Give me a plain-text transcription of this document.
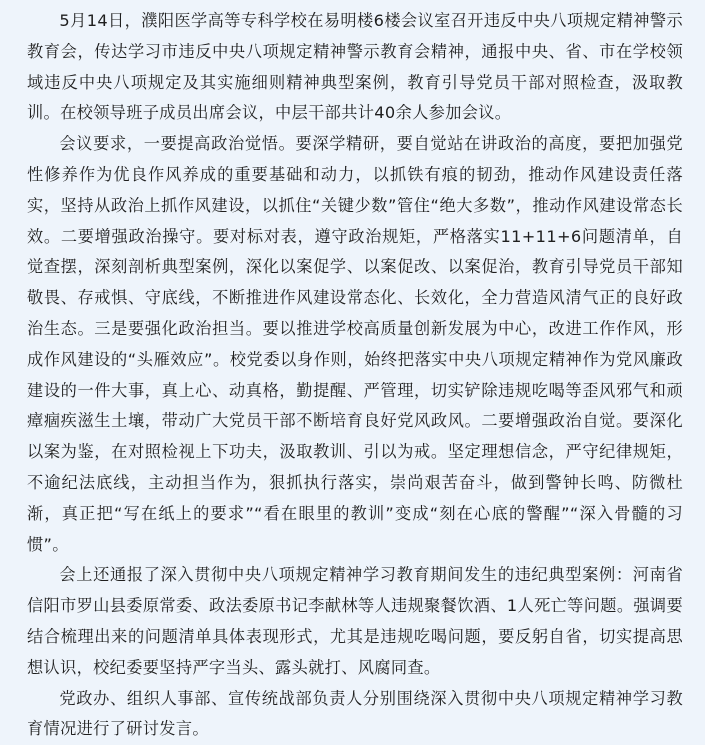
5月14日，濮阳医学高等专科学校在易明楼6楼会议室召开违反中央八项规定精神警示教育会，传达学习市违反中央八项规定精神警示教育会精神，通报中央、省、市在学校领域违反中央八项规定及其实施细则精神典型案例，教育引导党员干部对照检查，汲取教训。在校领导班子成员出席会议，中层干部共计40余人参加会议。

会议要求，一要提高政治觉悟。要深学精研，要自觉站在讲政治的高度，要把加强党性修养作为优良作风养成的重要基础和动力，以抓铁有痕的韧劲，推动作风建设责任落实，坚持从政治上抓作风建设，以抓住“关键少数”管住“绝大多数”，推动作风建设常态长效。二要增强政治操守。要对标对表，遵守政治规矩，严格落实11+11+6问题清单，自觉查摆，深刻剖析典型案例，深化以案促学、以案促改、以案促治，教育引导党员干部知敬畏、存戒惧、守底线，不断推进作风建设常态化、长效化，全力营造风清气正的良好政治生态。三是要强化政治担当。要以推进学校高质量创新发展为中心，改进工作作风，形成作风建设的“头雁效应”。校党委以身作则，始终把落实中央八项规定精神作为党风廉政建设的一件大事，真上心、动真格，勤提醒、严管理，切实铲除违规吃喝等歪风邪气和顽瘴痼疾滋生土壤，带动广大党员干部不断培育良好党风政风。二要增强政治自觉。要深化以案为鉴，在对照检视上下功夫，汲取教训、引以为戒。坚定理想信念，严守纪律规矩，不逾纪法底线，主动担当作为，狠抓执行落实，崇尚艰苦奋斗，做到警钟长鸣、防微杜渐，真正把“写在纸上的要求”“看在眼里的教训”变成“刻在心底的警醒”“深入骨髓的习惯”。

会上还通报了深入贯彻中央八项规定精神学习教育期间发生的违纪典型案例：河南省信阳市罗山县委原常委、政法委原书记李献林等人违规聚餐饮酒、1人死亡等问题。强调要结合梳理出来的问题清单具体表现形式，尤其是违规吃喝问题，要反躬自省，切实提高思想认识，校纪委要坚持严字当头、露头就打、风腐同查。

党政办、组织人事部、宣传统战部负责人分别围绕深入贯彻中央八项规定精神学习教育情况进行了研讨发言。
